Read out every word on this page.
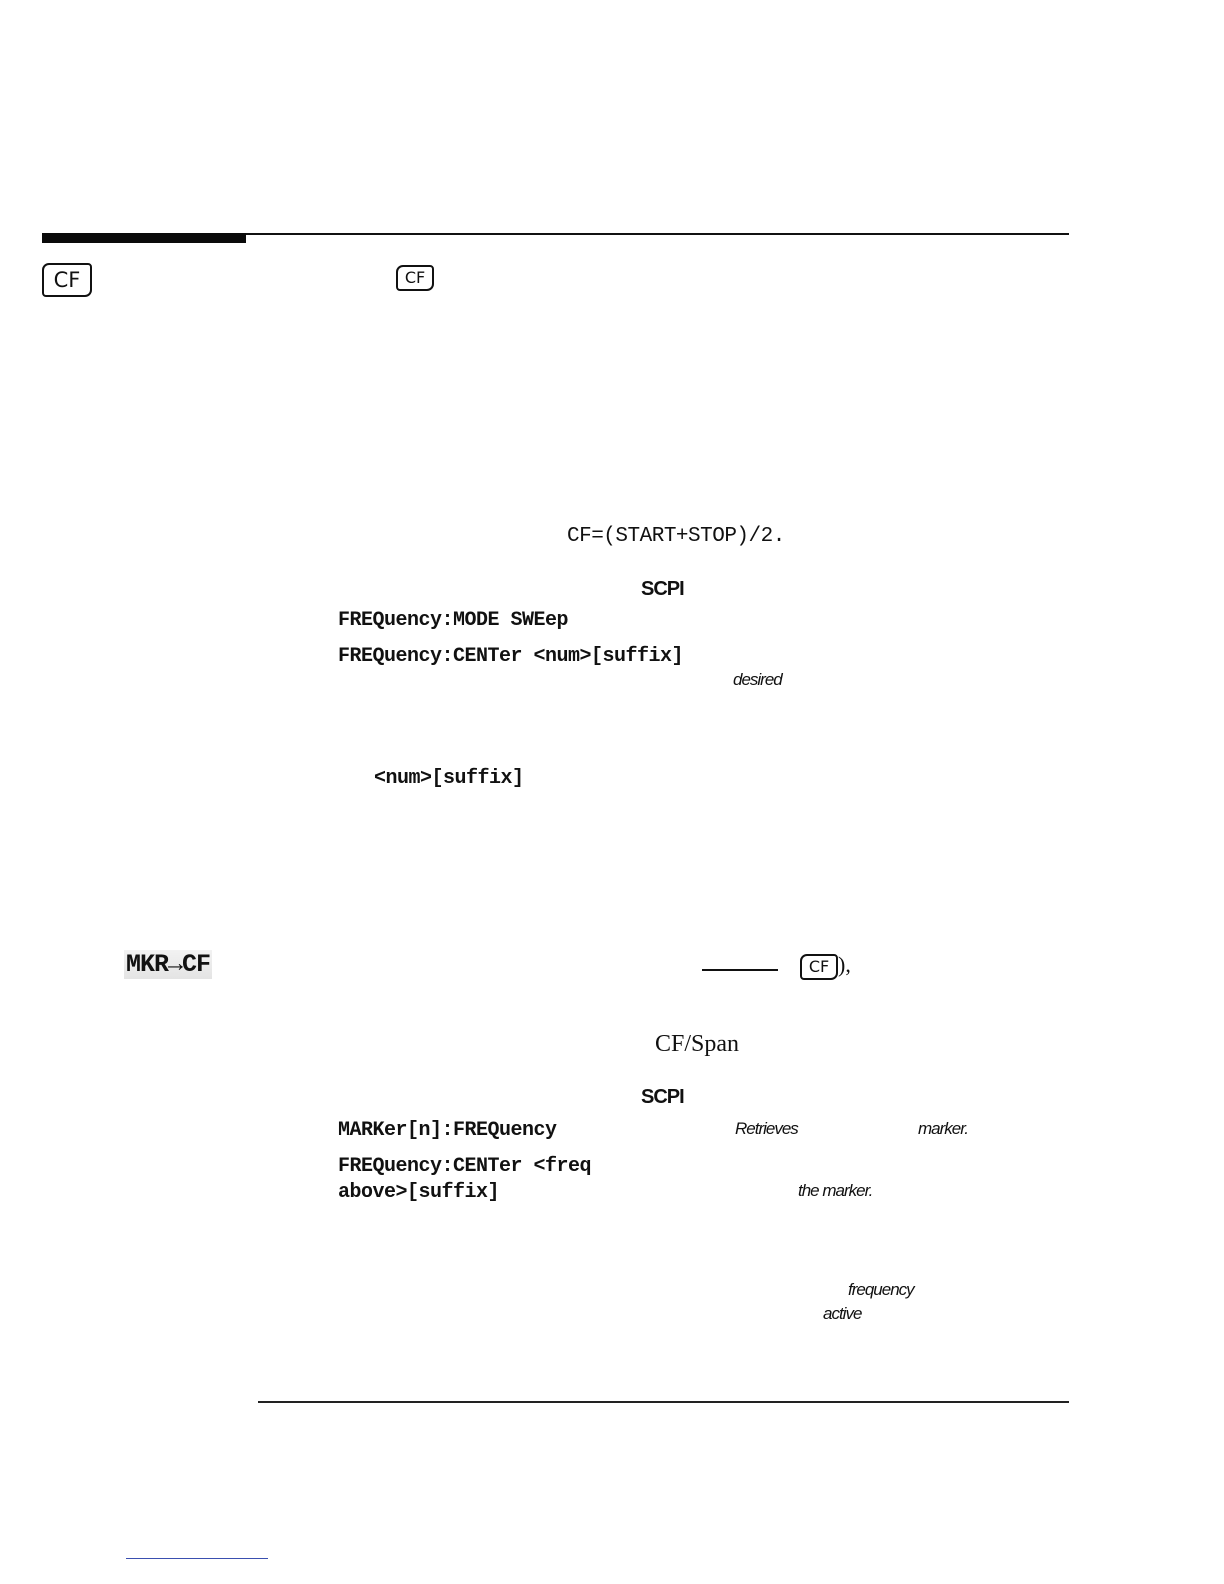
CF	CF
CF=(START+STOP)/2.
SCPI
FREQuency:MODE SWEep
FREQuency:CENTer <num>[suffix]
desired
<num>[suffix]
MKR→CF	CF ),
CF/Span
SCPI
MARKer[n]:FREQuency	Retrieves	marker.
FREQuency:CENTer <freq
above>[suffix]	the marker.
frequency
active
